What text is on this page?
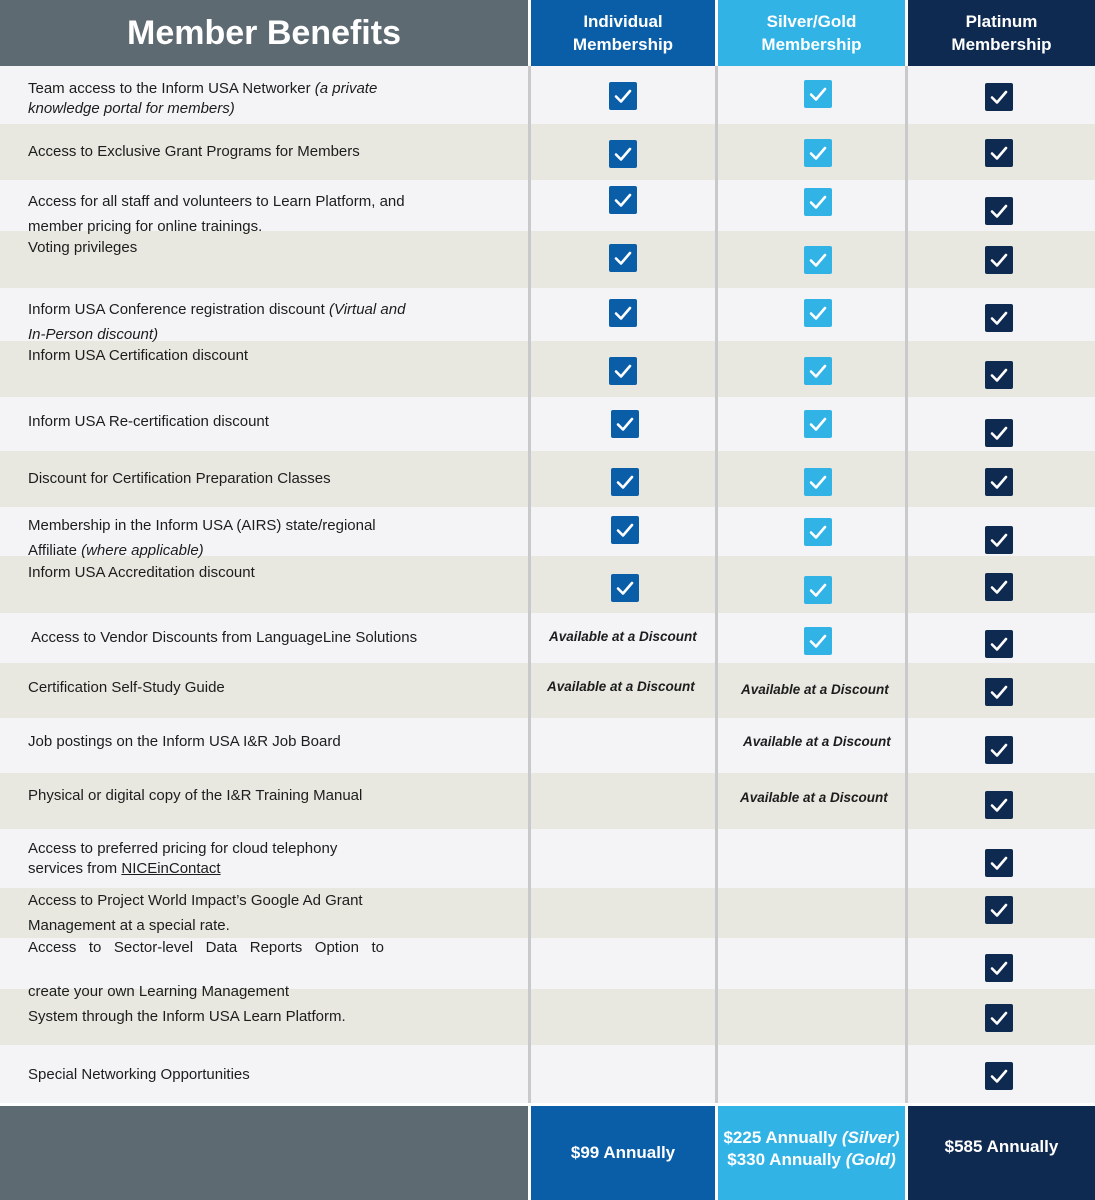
Member Benefits	Individual
Membership
Silver/Gold
Membership
Platinum
Membership
Team access to the Inform USA Networker (a private knowledge portal for members)
Access to Exclusive Grant Programs for Members
Access for all staff and volunteers to Learn Platform, and
member pricing for online trainings.
Voting privileges
Inform USA Conference registration discount (Virtual and
In-Person discount)
Inform USA Certification discount
Inform USA Re-certification discount
Discount for Certification Preparation Classes
Membership in the Inform USA (AIRS) state/regional
Affiliate (where applicable)
Inform USA Accreditation discount
Access to Vendor Discounts from LanguageLine Solutions
Certification Self-Study Guide
Job postings on the Inform USA I&R Job Board
Physical or digital copy of the I&R Training Manual
Access to preferred pricing for cloud telephony
services from NICEinContact
Access to Project World Impact’s Google Ad Grant
Management at a special rate.
Access to Sector-level Data Reports Option to
create your own Learning Management
System through the Inform USA Learn Platform.
Special Networking Opportunities
Available at a Discount
Available at a Discount	Available at a Discount
Available at a Discount
Available at a Discount
$99 Annually
$225 Annually (Silver)
$330 Annually (Gold)
$585 Annually
